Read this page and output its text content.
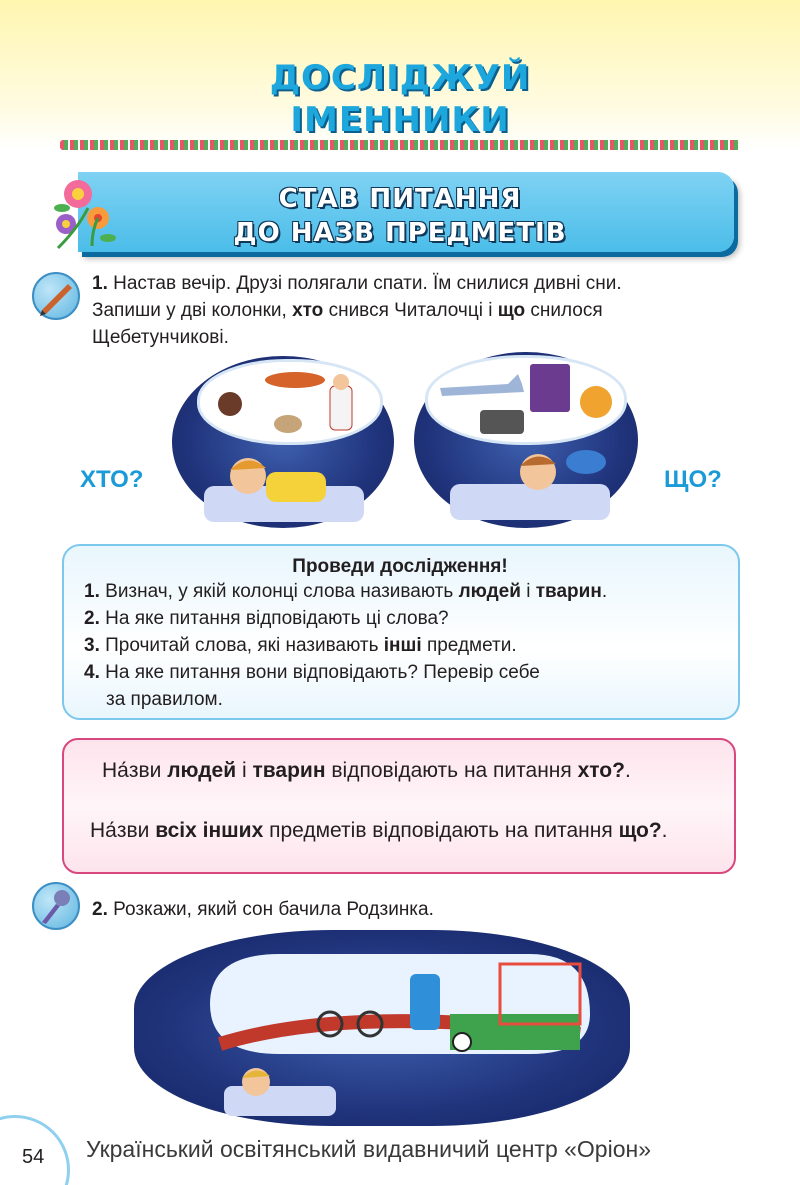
ДОСЛІДЖУЙ
ІМЕННИКИ
СТАВ ПИТАННЯ
ДО НАЗВ ПРЕДМЕТІВ
1. Настав вечір. Друзі полягали спати. Їм снилися дивні сни.
Запиши у дві колонки, хто снився Читалочці і що снилося
Щебетунчикові.
ХТО?	ЩО?
Проведи дослідження!
1. Визнач, у якій колонці слова називають людей і тварин.
2. На яке питання відповідають ці слова?
3. Прочитай слова, які називають інші предмети.
4. На яке питання вони відповідають? Перевір себе
за правилом.
На́зви людей і тварин відповідають на питання хто?.
На́зви всіх інших предметів відповідають на питання що?.
2. Розкажи, який сон бачила Родзинка.
54 Український освітянський видавничий центр «Оріон»
